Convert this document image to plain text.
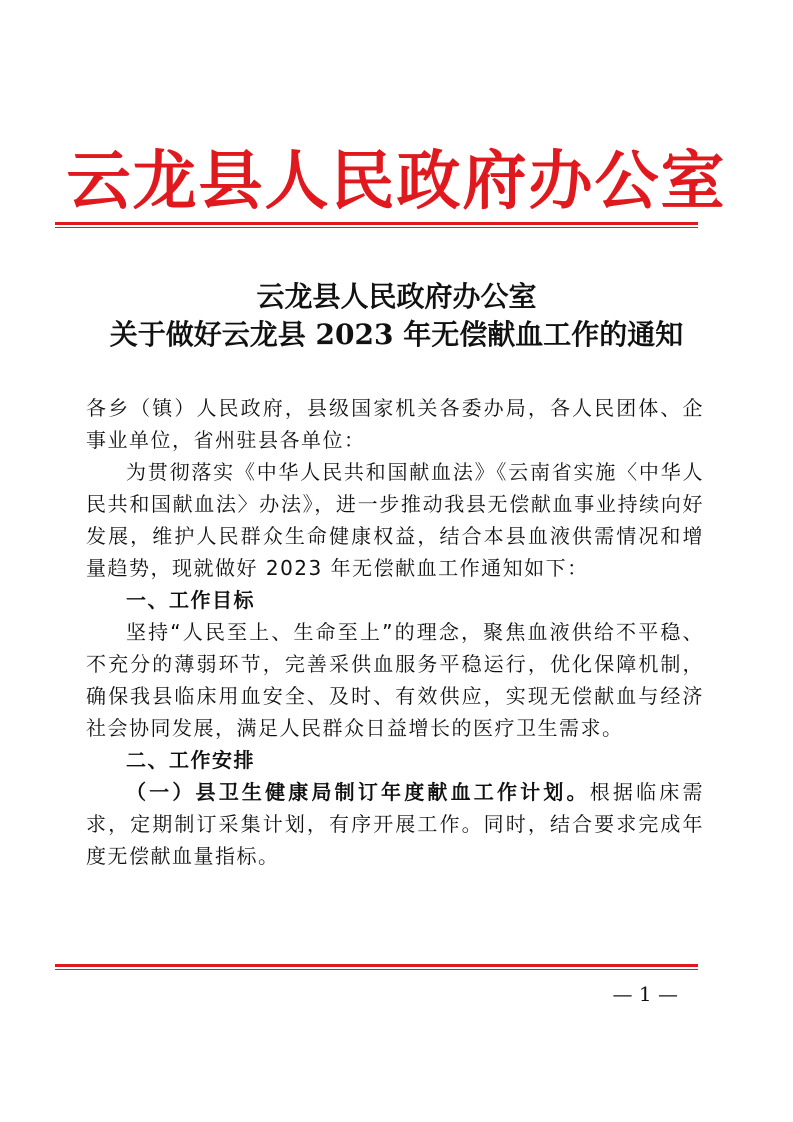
云龙县人民政府办公室
云龙县人民政府办公室
关于做好云龙县 2023 年无偿献血工作的通知

各乡（镇）人民政府，县级国家机关各委办局，各人民团体、企事业单位，省州驻县各单位：

为贯彻落实《中华人民共和国献血法》《云南省实施〈中华人民共和国献血法〉办法》，进一步推动我县无偿献血事业持续向好发展，维护人民群众生命健康权益，结合本县血液供需情况和增量趋势，现就做好 2023 年无偿献血工作通知如下：

一、工作目标

坚持“人民至上、生命至上”的理念，聚焦血液供给不平稳、不充分的薄弱环节，完善采供血服务平稳运行，优化保障机制，确保我县临床用血安全、及时、有效供应，实现无偿献血与经济社会协同发展，满足人民群众日益增长的医疗卫生需求。

二、工作安排

（一）县卫生健康局制订年度献血工作计划。根据临床需求，定期制订采集计划，有序开展工作。同时，结合要求完成年度无偿献血量指标。

— 1 —
